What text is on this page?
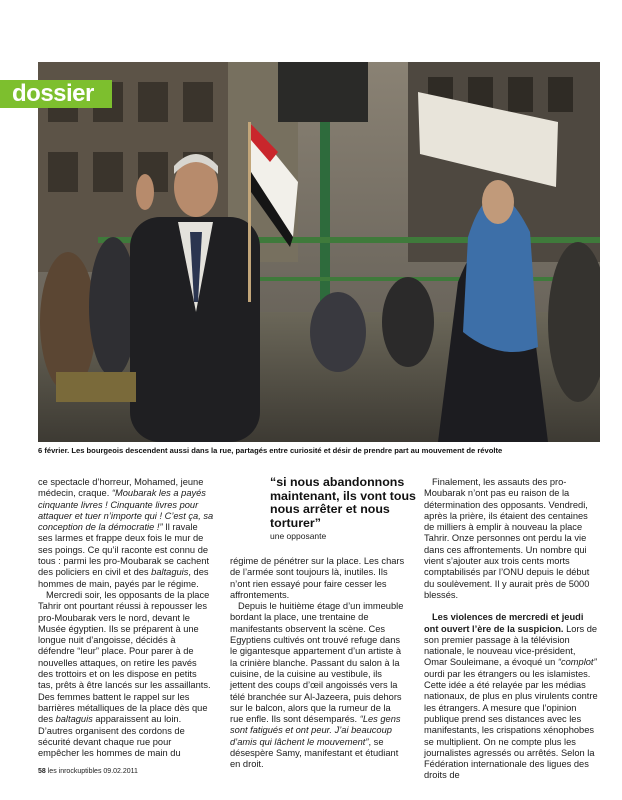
dossier
6 février. Les bourgeois descendent aussi dans la rue, partagés entre curiosité et désir de prendre part au mouvement de révolte
“si nous abandonnons maintenant, ils vont tous nous arrêter et nous torturer”
une opposante

ce spectacle d’horreur, Mohamed, jeune médecin, craque. “Moubarak les a payés cinquante livres ! Cinquante livres pour attaquer et tuer n’importe qui ! C’est ça, sa conception de la démocratie !” Il ravale ses larmes et frappe deux fois le mur de ses poings. Ce qu’il raconte est connu de tous : parmi les pro-Moubarak se cachent des policiers en civil et des baltaguis, des hommes de main, payés par le régime.

Mercredi soir, les opposants de la place Tahrir ont pourtant réussi à repousser les pro-Moubarak vers le nord, devant le Musée égyptien. Ils se préparent à une longue nuit d’angoisse, décidés à défendre “leur” place. Pour parer à de nouvelles attaques, on retire les pavés des trottoirs et on les dispose en petits tas, prêts à être lancés sur les assaillants. Des femmes battent le rappel sur les barrières métalliques de la place dès que des baltaguis apparaissent au loin. D’autres organisent des cordons de sécurité devant chaque rue pour empêcher les hommes de main du

régime de pénétrer sur la place. Les chars de l’armée sont toujours là, inutiles. Ils n’ont rien essayé pour faire cesser les affrontements.

Depuis le huitième étage d’un immeuble bordant la place, une trentaine de manifestants observent la scène. Ces Egyptiens cultivés ont trouvé refuge dans le gigantesque appartement d’un artiste à la crinière blanche. Passant du salon à la cuisine, de la cuisine au vestibule, ils jettent des coups d’œil angoissés vers la télé branchée sur Al-Jazeera, puis dehors sur le balcon, alors que la rumeur de la rue enfle. Ils sont désemparés. “Les gens sont fatigués et ont peur. J’ai beaucoup d’amis qui lâchent le mouvement”, se désespère Samy, manifestant et étudiant en droit.

Finalement, les assauts des pro-Moubarak n’ont pas eu raison de la détermination des opposants. Vendredi, après la prière, ils étaient des centaines de milliers à emplir à nouveau la place Tahrir. Onze personnes ont perdu la vie dans ces affrontements. Un nombre qui vient s’ajouter aux trois cents morts comptabilisés par l’ONU depuis le début du soulèvement. Il y aurait près de 5000 blessés.

Les violences de mercredi et jeudi ont ouvert l’ère de la suspicion. Lors de son premier passage à la télévision nationale, le nouveau vice-président, Omar Souleimane, a évoqué un “complot” ourdi par les étrangers ou les islamistes. Cette idée a été relayée par les médias nationaux, de plus en plus virulents contre les étrangers. A mesure que l’opinion publique prend ses distances avec les manifestants, les crispations xénophobes se multiplient. On ne compte plus les journalistes agressés ou arrêtés. Selon la Fédération internationale des ligues des droits de

58 les inrockuptibles 09.02.2011
